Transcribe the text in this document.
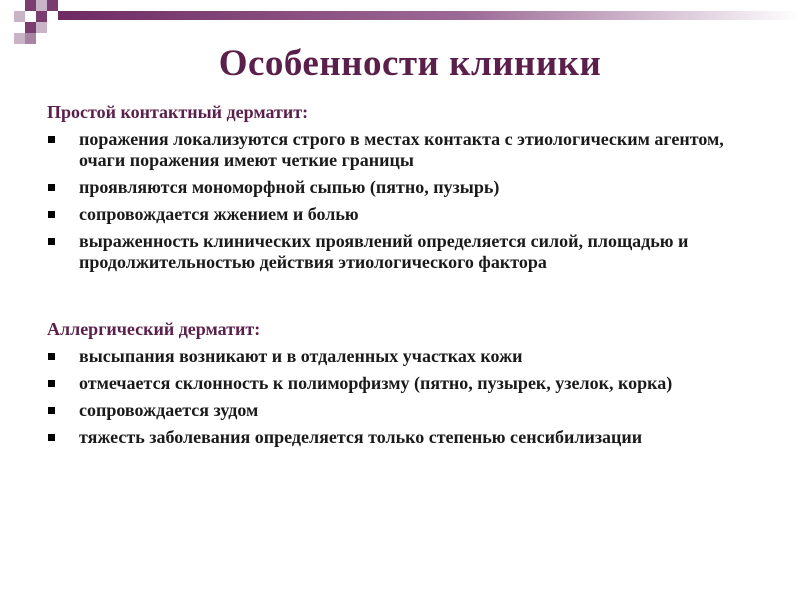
Особенности клиники
Простой контактный дерматит:
поражения локализуются строго в местах контакта с этиологическим агентом, очаги поражения имеют четкие границы
проявляются мономорфной сыпью (пятно, пузырь)
сопровождается жжением и болью
выраженность клинических проявлений определяется силой, площадью и продолжительностью действия этиологического фактора
Аллергический дерматит:
высыпания возникают и в отдаленных участках кожи
отмечается склонность к полиморфизму (пятно, пузырек, узелок, корка)
сопровождается зудом
тяжесть заболевания определяется только степенью сенсибилизации
